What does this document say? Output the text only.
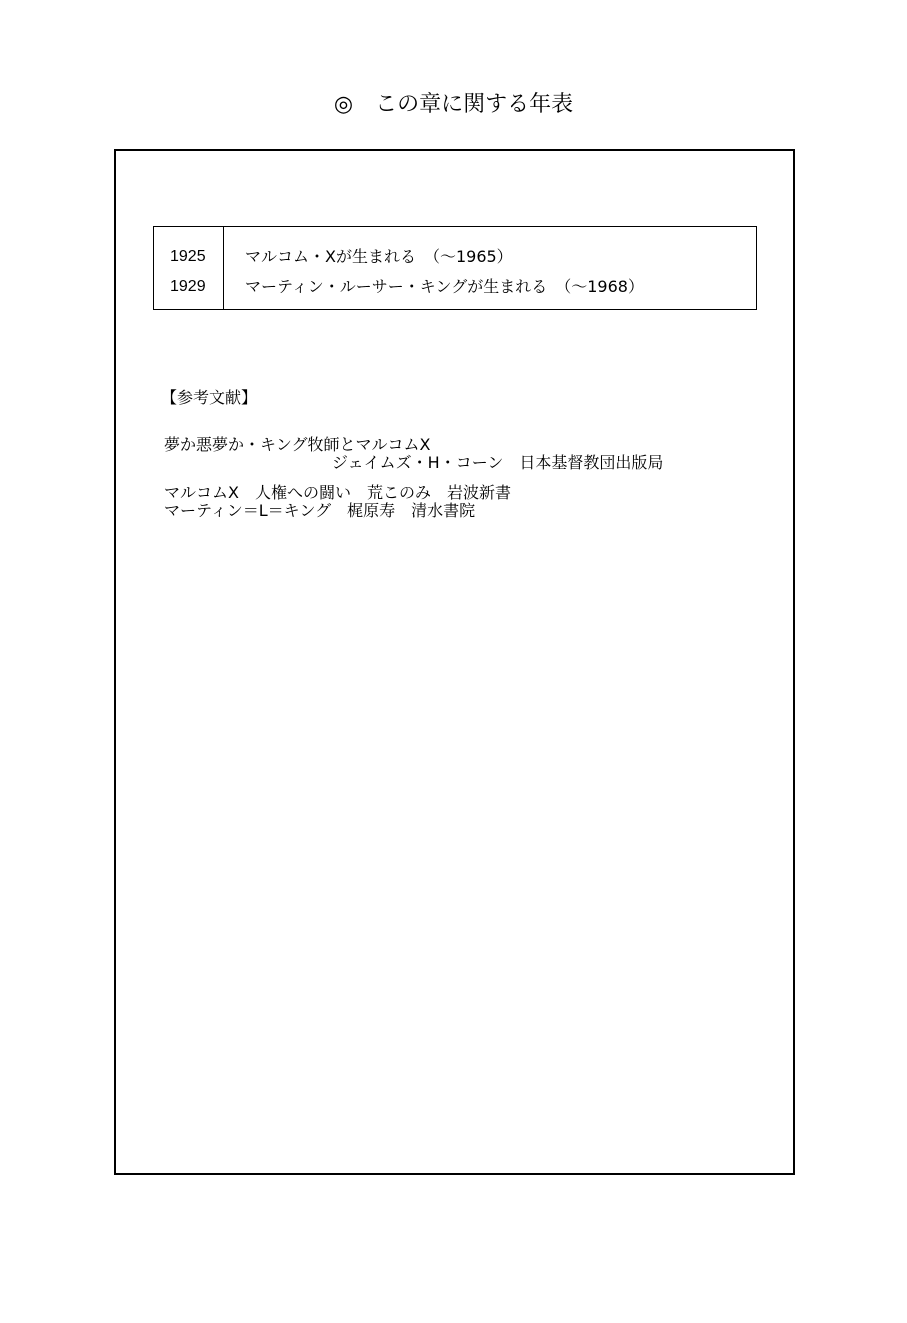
◎　この章に関する年表
1925 マルコム・Xが生まれる　（～1965）
1929 マーティン・ルーサー・キングが生まれる　（～1968）
【参考文献】
夢か悪夢か・キング牧師とマルコムX
ジェイムズ・H・コーン　日本基督教団出版局
マルコムX　人権への闘い　荒このみ　岩波新書
マーティン＝L＝キング　梶原寿　清水書院
